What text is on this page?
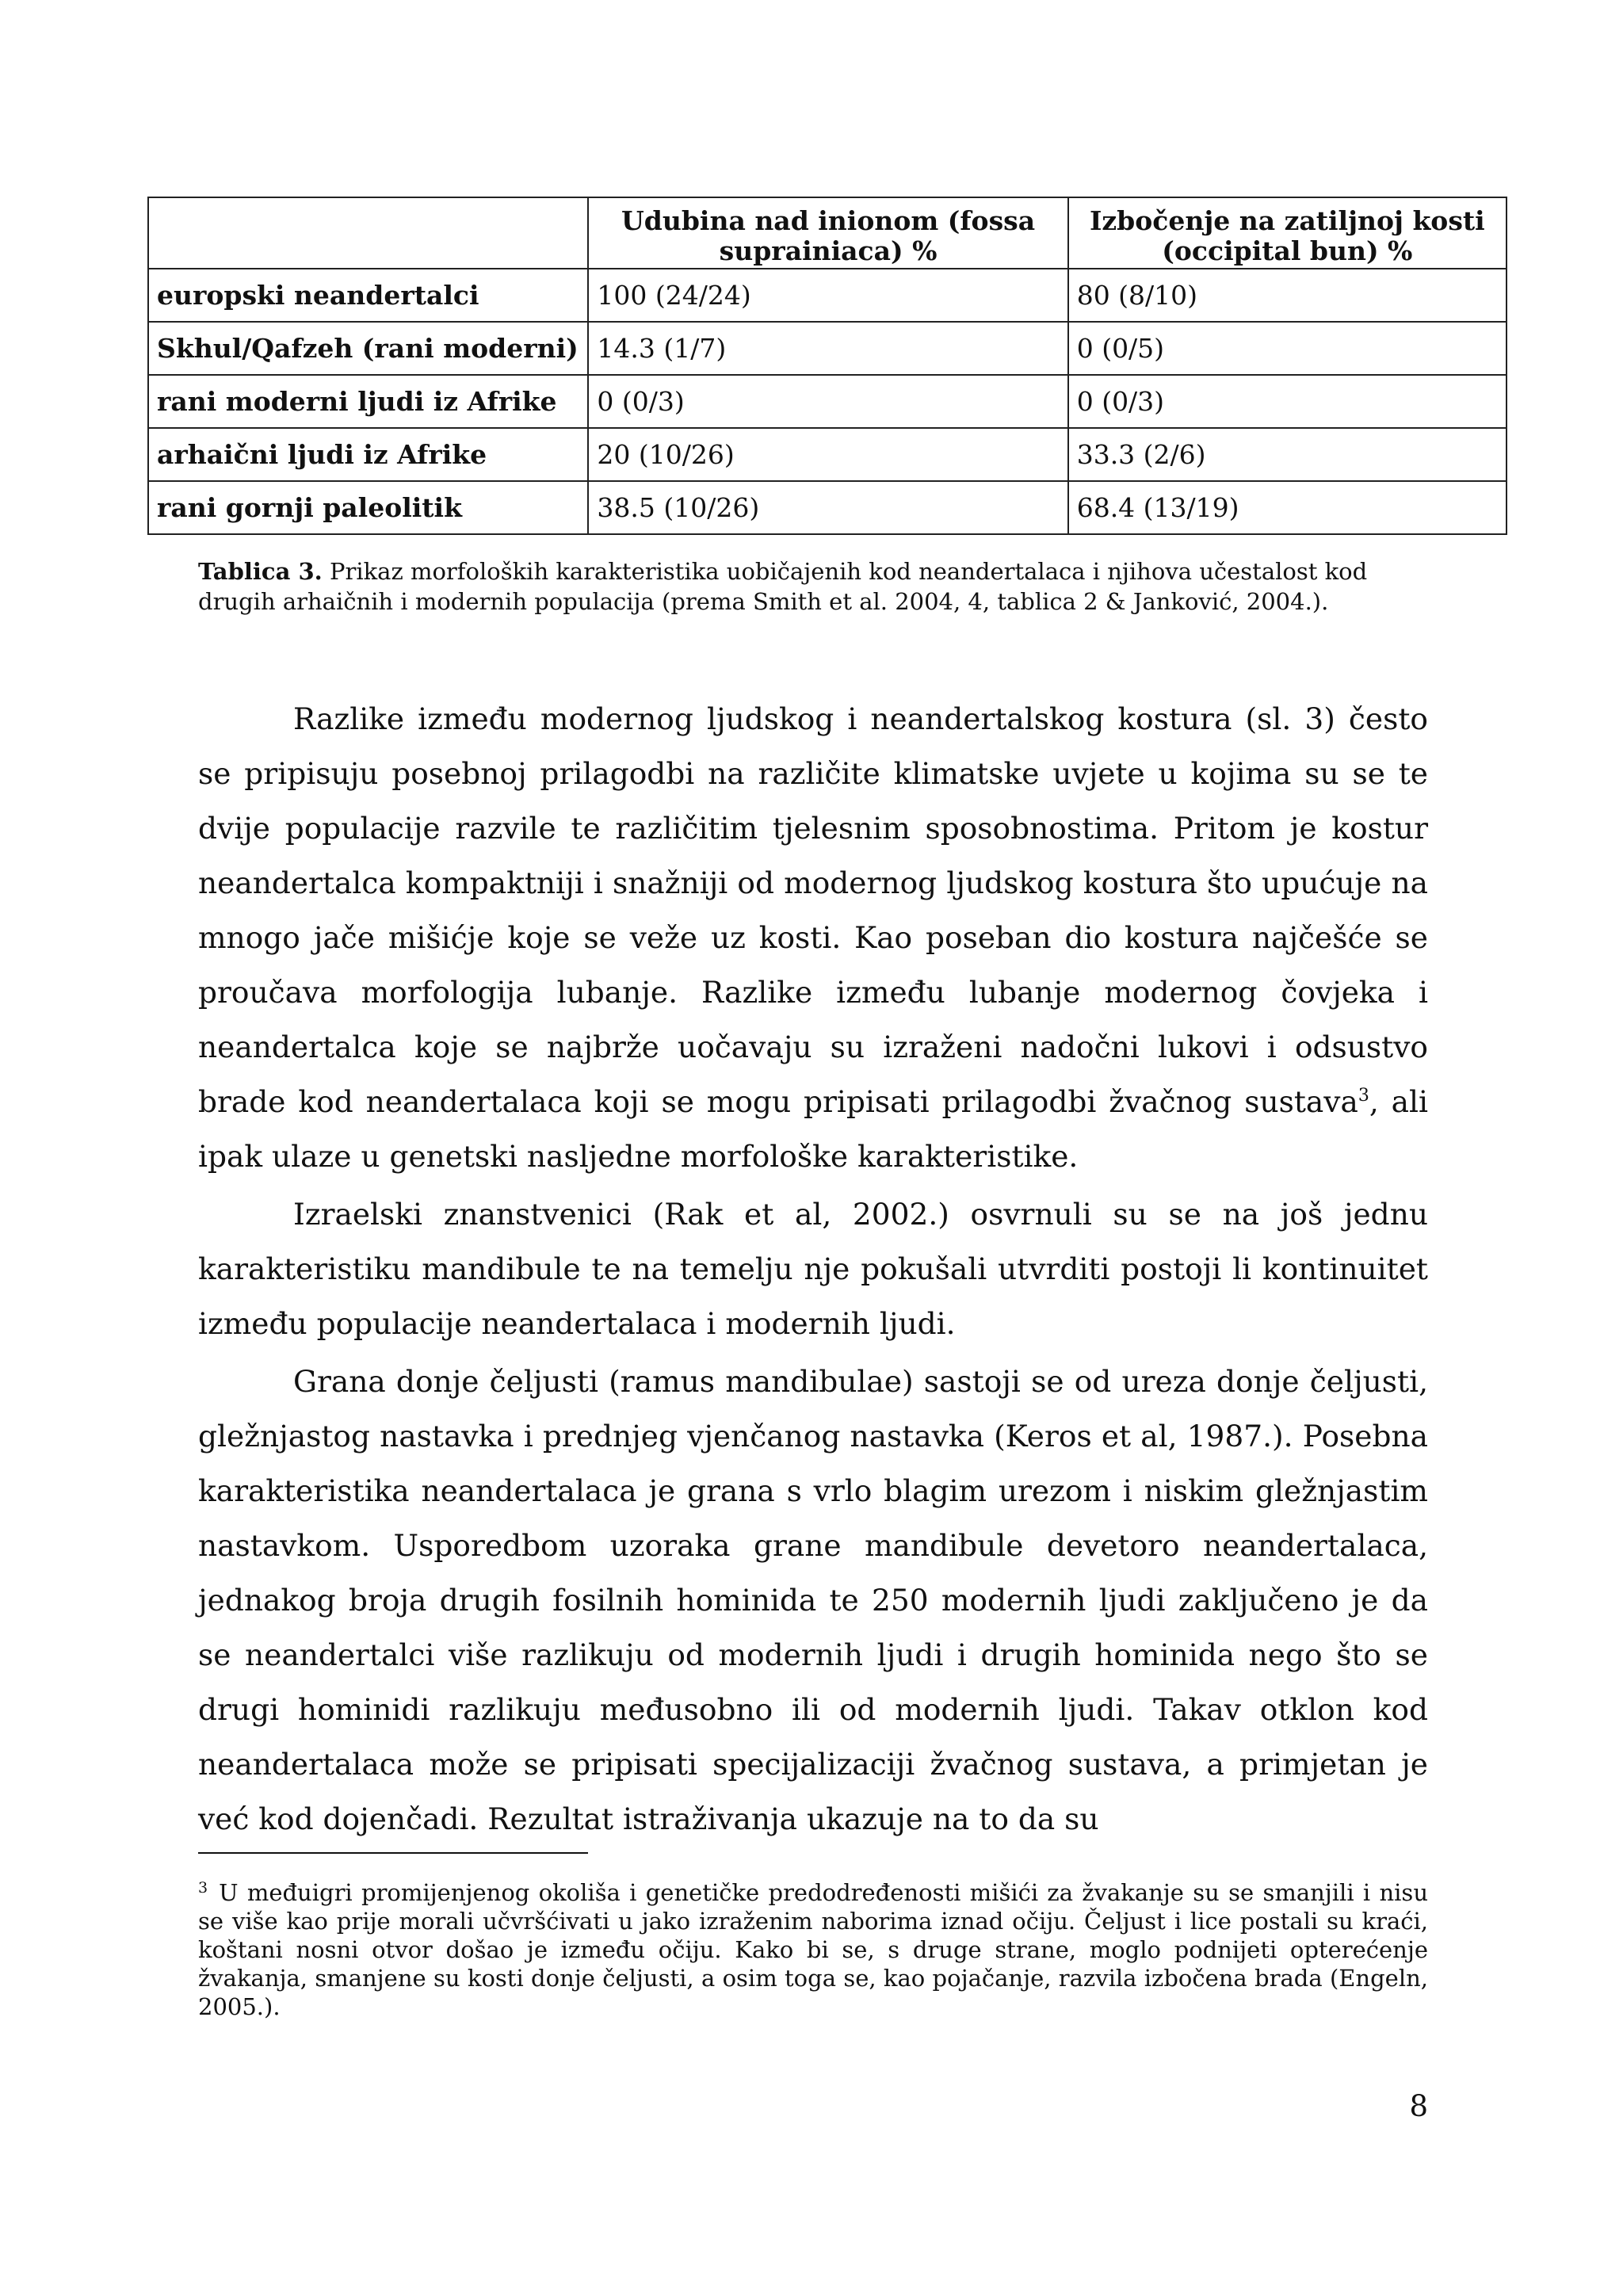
	Udubina nad inionom (fossa suprainiaca) %	Izbočenje na zatiljnoj kosti (occipital bun) %
europski neandertalci	100 (24/24)	80 (8/10)
Skhul/Qafzeh (rani moderni)	14.3 (1/7)	0 (0/5)
rani moderni ljudi iz Afrike	0 (0/3)	0 (0/3)
arhaični ljudi iz Afrike	20 (10/26)	33.3 (2/6)
rani gornji paleolitik	38.5 (10/26)	68.4 (13/19)
Tablica 3. Prikaz morfoloških karakteristika uobičajenih kod neandertalaca i njihova učestalost kod drugih arhaičnih i modernih populacija (prema Smith et al. 2004, 4, tablica 2 & Janković, 2004.).

Razlike između modernog ljudskog i neandertalskog kostura (sl. 3) često se pripisuju posebnoj prilagodbi na različite klimatske uvjete u kojima su se te dvije populacije razvile te različitim tjelesnim sposobnostima. Pritom je kostur neandertalca kompaktniji i snažniji od modernog ljudskog kostura što upućuje na mnogo jače mišićje koje se veže uz kosti. Kao poseban dio kostura najčešće se proučava morfologija lubanje. Razlike između lubanje modernog čovjeka i neandertalca koje se najbrže uočavaju su izraženi nadočni lukovi i odsustvo brade kod neandertalaca koji se mogu pripisati prilagodbi žvačnog sustava$^3$, ali ipak ulaze u genetski nasljedne morfološke karakteristike.

Izraelski znanstvenici (Rak et al, 2002.) osvrnuli su se na još jednu karakteristiku mandibule te na temelju nje pokušali utvrditi postoji li kontinuitet između populacije neandertalaca i modernih ljudi.

Grana donje čeljusti (ramus mandibulae) sastoji se od ureza donje čeljusti, gležnjastog nastavka i prednjeg vjenčanog nastavka (Keros et al, 1987.). Posebna karakteristika neandertalaca je grana s vrlo blagim urezom i niskim gležnjastim nastavkom. Usporedbom uzoraka grane mandibule devetoro neandertalaca, jednakog broja drugih fosilnih hominida te 250 modernih ljudi zaključeno je da se neandertalci više razlikuju od modernih ljudi i drugih hominida nego što se drugi hominidi razlikuju međusobno ili od modernih ljudi. Takav otklon kod neandertalaca može se pripisati specijalizaciji žvačnog sustava, a primjetan je već kod dojenčadi. Rezultat istraživanja ukazuje na to da su

$^3$ U međuigri promijenjenog okoliša i genetičke predodređenosti mišići za žvakanje su se smanjili i nisu se više kao prije morali učvršćivati u jako izraženim naborima iznad očiju. Čeljust i lice postali su kraći, koštani nosni otvor došao je između očiju. Kako bi se, s druge strane, moglo podnijeti opterećenje žvakanja, smanjene su kosti donje čeljusti, a osim toga se, kao pojačanje, razvila izbočena brada (Engeln, 2005.).
8
